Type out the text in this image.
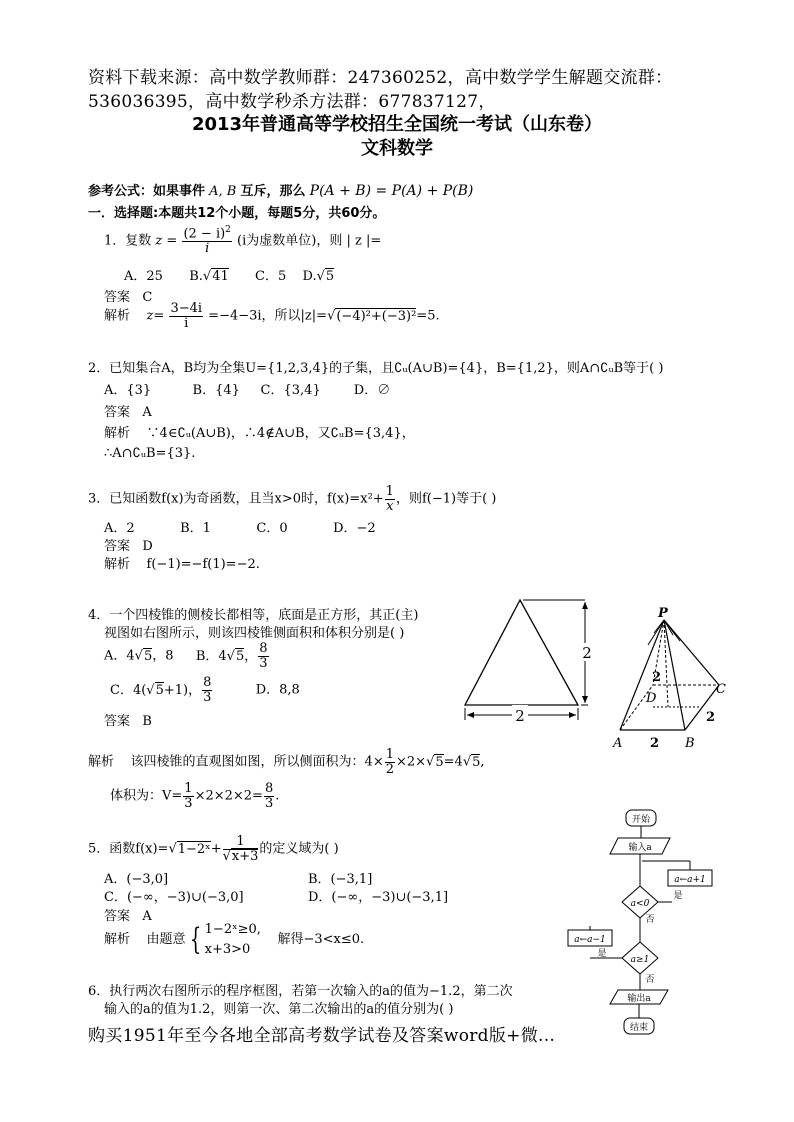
资料下载来源：高中数学教师群：247360252，高中数学学生解题交流群：
536036395，高中数学秒杀方法群：677837127，
2013年普通高等学校招生全国统一考试（山东卷）
文科数学
参考公式：如果事件 A, B 互斥，那么 P(A + B) = P(A) + P(B)
一．选择题:本题共12个小题，每题5分，共60分。
1．复数 $z = \frac{(2 - i)^2}{i} (i$为虚数单位)，则 | z |=
A．25 B.√41 C．5 D.√5
答案 C
解析 $z= \frac{3-4i}{i} =-4-3i$，所以|z|=√(−4)²+(−3)²=5.
2．已知集合A，B均为全集U={1,2,3,4}的子集，且∁ᵤ(A∪B)={4}，B={1,2}，则A∩∁ᵤB等于( )
A．{3}          B．{4}     C．{3,4}        D．∅
答案 A
解析 ∵4∈∁ᵤ(A∪B)，∴4∉A∪B，又∁ᵤB={3,4}，
∴A∩∁ᵤB={3}.
3．已知函数f(x)为奇函数，且当x>0时，$f(x)=x^2+ \frac{1}{x}$ ，则f(−1)等于( )
A．2           B．1           C．0           D．−2
答案 D
解析 f(−1)=−f(1)=−2.
4．一个四棱锥的侧棱长都相等，底面是正方形，其正(主)
视图如右图所示，则该四棱锥侧面积和体积分别是( )
A．4√5，8 B．4√5， $\frac{8}{3}$
C．4(√5+1)， $\frac{8}{3}$	D．8,8
答案 B
解析 该四棱锥的直观图如图，所以侧面积为：$4\times \frac{1}{2} \times 2\times√5=4√5$,
体积为：$V= \frac{1}{3} \times 2\times 2\times 2= \frac{8}{3}$ .
2
2
P
C
D
A	B
2
2
2
5．函数f(x)=√1−2ˣ+ $\frac{1}{√x+3}$ 的定义域为( )
A．(−3,0]	B．(−3,1]
C．(−∞，−3)∪(−3,0]	D．(−∞，−3)∪(−3,1]
答案 A
解析 由题意 { 1−2ˣ≥0,
x+3>0
解得−3<x≤0.
6．执行两次右图所示的程序框图，若第一次输入的a的值为−1.2，第二次
输入的a的值为1.2，则第一次、第二次输出的a的值分别为( )
开始
输入a
a<0
a←a+1
是
否
a≥1
a←a−1
是
否
输出a
结束
购买1951年至今各地全部高考数学试卷及答案word版+微...
